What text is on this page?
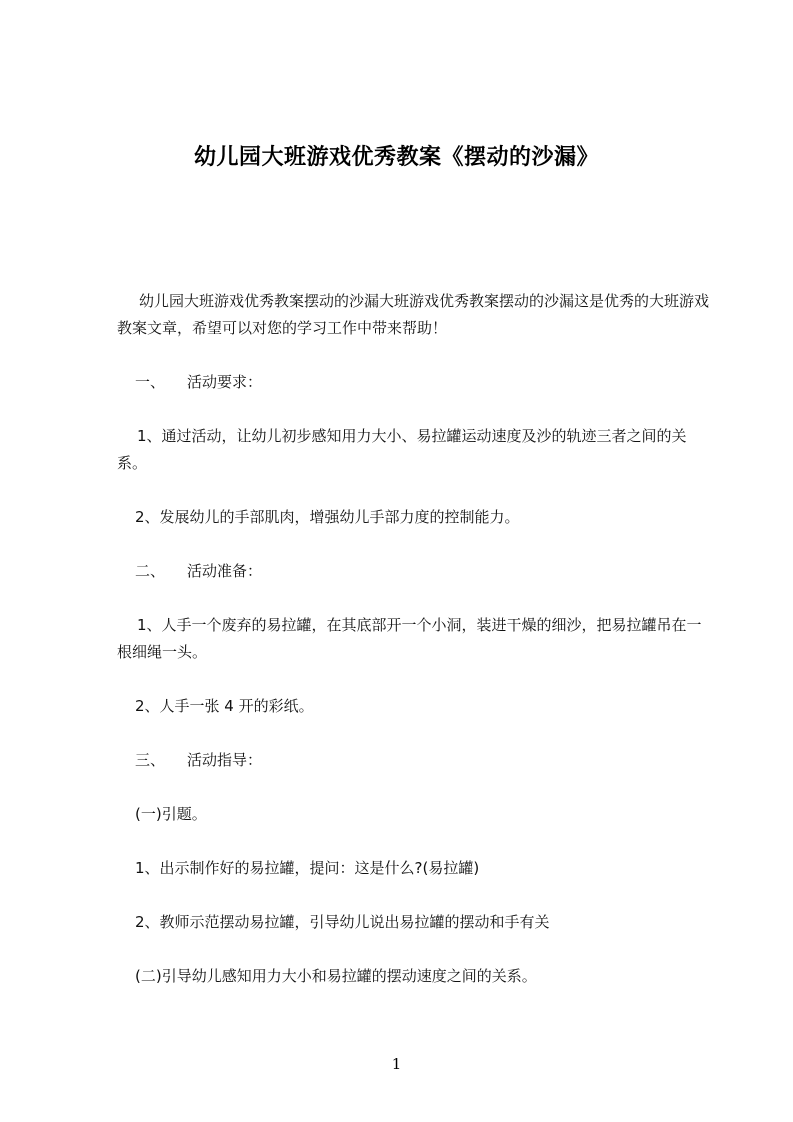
幼儿园大班游戏优秀教案《摆动的沙漏》

幼儿园大班游戏优秀教案摆动的沙漏大班游戏优秀教案摆动的沙漏这是优秀的大班游戏教案文章，希望可以对您的学习工作中带来帮助！

一、 活动要求：

1、通过活动，让幼儿初步感知用力大小、易拉罐运动速度及沙的轨迹三者之间的关系。

2、发展幼儿的手部肌肉，增强幼儿手部力度的控制能力。

二、 活动准备：

1、人手一个废弃的易拉罐，在其底部开一个小洞，装进干燥的细沙，把易拉罐吊在一根细绳一头。

2、人手一张 4 开的彩纸。

三、 活动指导：

(一)引题。

1、出示制作好的易拉罐，提问：这是什么?(易拉罐)

2、教师示范摆动易拉罐，引导幼儿说出易拉罐的摆动和手有关

(二)引导幼儿感知用力大小和易拉罐的摆动速度之间的关系。

1
